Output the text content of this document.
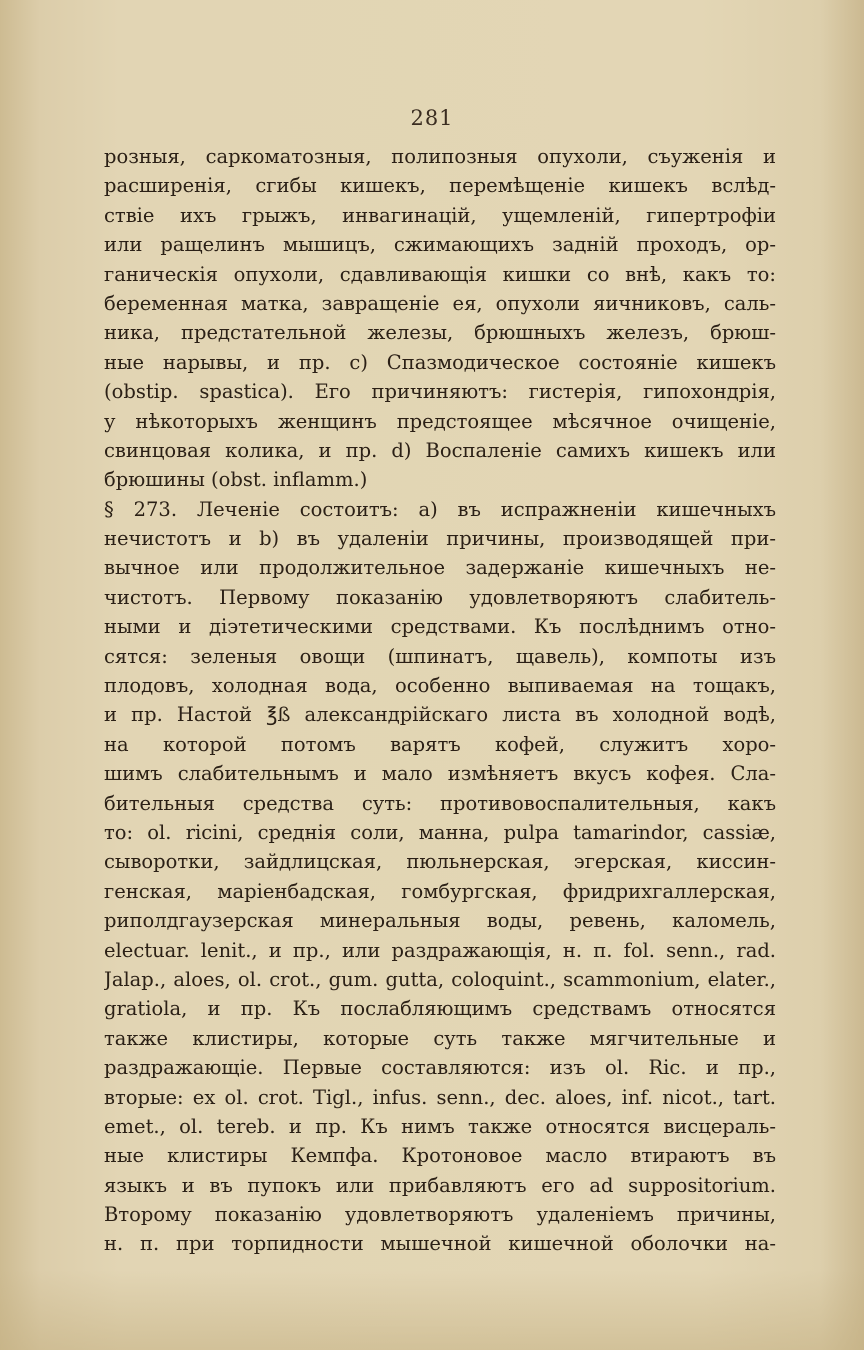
281
розныя, саркоматозныя, полипозныя опухоли, съуженія и
расширенія, сгибы кишекъ, перемѣщеніе кишекъ вслѣд-
ствіе ихъ грыжъ, инвагинацій, ущемленій, гипертрофіи
или ращелинъ мышицъ, сжимающихъ задній проходъ, ор-
ганическія опухоли, сдавливающія кишки со внѣ, какъ то:
беременная матка, завращеніе ея, опухоли яичниковъ, саль-
ника, предстательной железы, брюшныхъ железъ, брюш-
ные нарывы, и пр. с) Спазмодическое состояніе кишекъ
(obstip. spastica). Его причиняютъ: гистерія, гипохондрія,
у нѣкоторыхъ женщинъ предстоящее мѣсячное очищеніе,
свинцовая колика, и пр. d) Воспаленіе самихъ кишекъ или
брюшины (obst. inflamm.)
§ 273. Леченіе состоитъ: а) въ испражненіи кишечныхъ
нечистотъ и b) въ удаленіи причины, производящей при-
вычное или продолжительное задержаніе кишечныхъ не-
чистотъ. Первому показанію удовлетворяютъ слабитель-
ными и діэтетическими средствами. Къ послѣднимъ отно-
сятся: зеленыя овощи (шпинатъ, щавель), компоты изъ
плодовъ, холодная вода, особенно выпиваемая на тощакъ,
и пр. Настой ℥ß александрійскаго листа въ холодной водѣ,
на которой потомъ варятъ кофей, служитъ хоро-
шимъ слабительнымъ и мало измѣняетъ вкусъ кофея. Сла-
бительныя средства суть: противовоспалительныя, какъ
то: ol. ricini, среднія соли, манна, pulpa tamarindor, cassiæ,
сыворотки, зайдлицская, пюльнерская, эгерская, киссин-
генская, маріенбадская, гомбургская, фридрихгаллерская,
риполдгаузерская минеральныя воды, ревень, каломель,
electuar. lenit., и пр., или раздражающія, н. п. fol. senn., rad.
Jalap., aloes, ol. crot., gum. gutta, coloquint., scammonium, elater.,
gratiola, и пр. Къ послабляющимъ средствамъ относятся
также клистиры, которые суть также мягчительные и
раздражающіе. Первые составляются: изъ ol. Ric. и пр.,
вторые: ex ol. crot. Tigl., infus. senn., dec. aloes, inf. nicot., tart.
emet., ol. tereb. и пр. Къ нимъ также относятся висцераль-
ные клистиры Кемпфа. Кротоновое масло втираютъ въ
языкъ и въ пупокъ или прибавляютъ его ad suppositorium.
Второму показанію удовлетворяютъ удаленіемъ причины,
н. п. при торпидности мышечной кишечной оболочки на-
